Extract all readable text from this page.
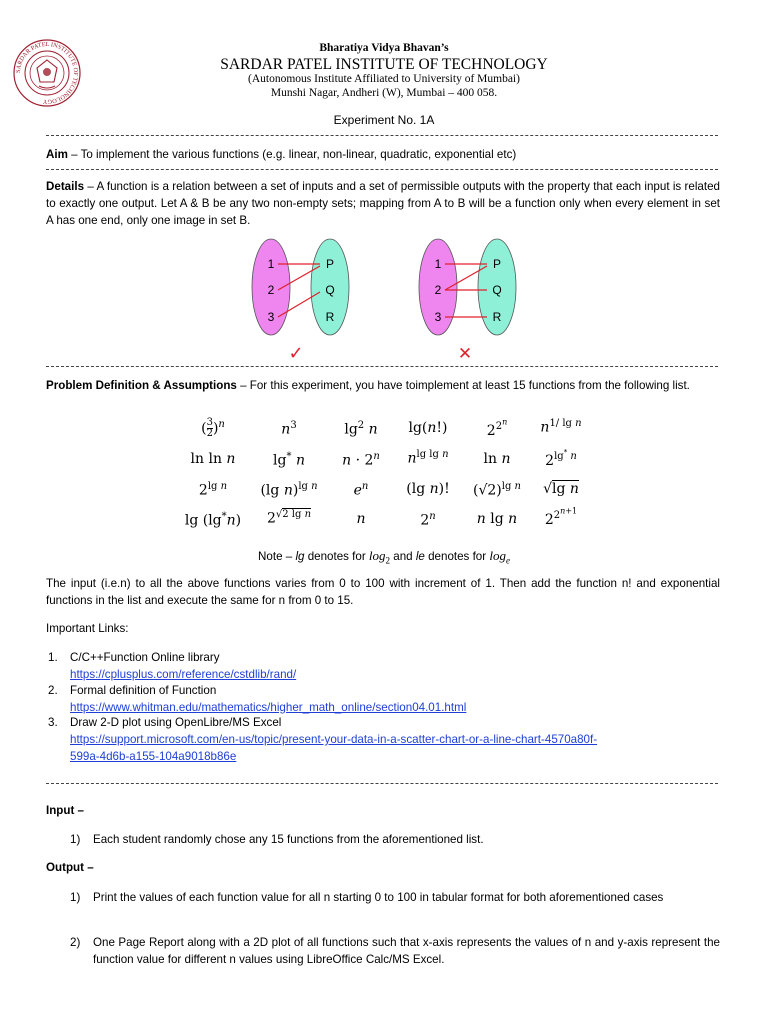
SARDAR PATEL INSTITUTE OF TECHNOLOGY
Bharatiya Vidya Bhavan’s
SARDAR PATEL INSTITUTE OF TECHNOLOGY
(Autonomous Institute Affiliated to University of Mumbai)
Munshi Nagar, Andheri (W), Mumbai – 400 058.
Experiment No. 1A
Aim – To implement the various functions (e.g. linear, non-linear, quadratic, exponential etc)
Details – A function is a relation between a set of inputs and a set of permissible outputs with the property that each input is related to exactly one output. Let A & B be any two non-empty sets; mapping from A to B will be a function only when every element in set A has one end, only one image in set B.
1
2
3
P
Q
R
✓
1
2
3
P
Q
R
✕
Problem Definition & Assumptions – For this experiment, you have toimplement at least 15 functions from the following list.
( $\frac{3}{2} )^n$	$n^3$	$\lg^2 n$	lg(n!)	$2^{2^n}$	$n^{1/ lg n}$
ln ln n	lg* n	$n \cdot 2^n$	$n^{lg lg n}$	ln n	$2^{lg^* n}$
$2^{lg n}$	(lg n)$^{lg n}$	$e^n$	(lg n)!	$(√2)^{lg n}$	√lg n
lg (lg*n)	$2^{√2 lg n}$	n	2$^n$	n lg n	$2^{2^{n+1}}$
Note – lg denotes for $\log_2$ and le denotes for $\log_e$
The input (i.e.n) to all the above functions varies from 0 to 100 with increment of 1. Then add the function n! and exponential functions in the list and execute the same for n from 0 to 15.
Important Links:
1. C/C++Function Online library
https://cplusplus.com/reference/cstdlib/rand/
2. Formal definition of Function
https://www.whitman.edu/mathematics/higher_math_online/section04.01.html
3. Draw 2-D plot using OpenLibre/MS Excel
https://support.microsoft.com/en-us/topic/present-your-data-in-a-scatter-chart-or-a-line-chart-4570a80f-
599a-4d6b-a155-104a9018b86e
Input –
1) Each student randomly chose any 15 functions from the aforementioned list.
Output –
1) Print the values of each function value for all n starting 0 to 100 in tabular format for both aforementioned cases
2) One Page Report along with a 2D plot of all functions such that x-axis represents the values of n and y-axis represent the function value for different n values using LibreOffice Calc/MS Excel.
